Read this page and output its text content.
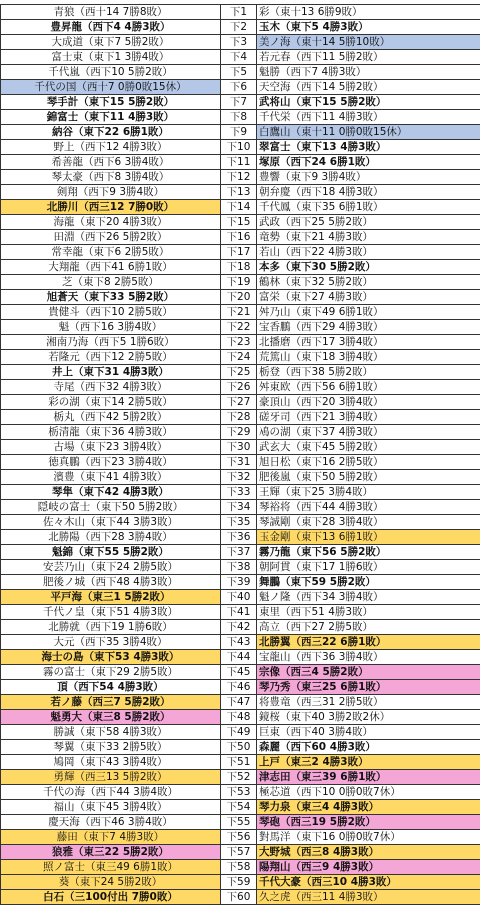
青狼（西十14 7勝8敗）	下1	彩（東十13 6勝9敗）
豊昇龍（西下4 4勝3敗）	下2	玉木（東下5 4勝3敗）
大成道（東下7 5勝2敗）	下3	美ノ海（東十14 5勝10敗）
富士東（東下1 3勝4敗）	下4	若元春（西下11 5勝2敗）
千代嵐（西下10 5勝2敗）	下5	魁勝（西下7 4勝3敗）
千代の国（西十7 0勝0敗15休）	下6	天空海（西下14 5勝2敗）
琴手計（東下15 5勝2敗）	下7	武将山（東下15 5勝2敗）
錦富士（東下11 4勝3敗）	下8	千代栄（西下11 4勝3敗）
納谷（東下22 6勝1敗）	下9	白鷹山（東十11 0勝0敗15休）
野上（西下12 4勝3敗）	下10	翠富士（東下13 4勝3敗）
希善龍（西下6 3勝4敗）	下11	塚原（西下24 6勝1敗）
琴太豪（西下8 3勝4敗）	下12	豊響（東下9 3勝4敗）
剣翔（西下9 3勝4敗）	下13	朝弁慶（西下18 4勝3敗）
北勝川（西三12 7勝0敗）	下14	千代鳳（東下35 6勝1敗）
海龍（東下20 4勝3敗）	下15	武政（西下25 5勝2敗）
田淵（西下26 5勝2敗）	下16	竜勢（東下21 4勝3敗）
常幸龍（東下6 2勝5敗）	下17	若山（西下22 4勝3敗）
大翔龍（西下41 6勝1敗）	下18	本多（東下30 5勝2敗）
芝（東下8 2勝5敗）	下19	鶴林（東下32 5勝2敗）
旭蒼天（東下33 5勝2敗）	下20	富栄（東下27 4勝3敗）
貴健斗（西下10 2勝5敗）	下21	舛乃山（東下49 6勝1敗）
魁（西下16 3勝4敗）	下22	宝香鵬（西下29 4勝3敗）
湘南乃海（西下5 1勝6敗）	下23	北播磨（西下17 3勝4敗）
若隆元（西下12 2勝5敗）	下24	荒篤山（東下18 3勝4敗）
井上（東下31 4勝3敗）	下25	栃登（西下38 5勝2敗）
寺尾（西下32 4勝3敗）	下26	舛東欧（西下56 6勝1敗）
彩の湖（東下14 2勝5敗）	下27	豪頂山（西下20 3勝4敗）
栃丸（西下42 5勝2敗）	下28	磋牙司（西下21 3勝4敗）
栃清龍（東下36 4勝3敗）	下29	鳰の湖（東下37 4勝3敗）
古場（東下23 3勝4敗）	下30	武玄大（東下45 5勝2敗）
徳真鵬（西下23 3勝4敗）	下31	旭日松（東下16 2勝5敗）
濱豊（東下41 4勝3敗）	下32	肥後嵐（東下50 5勝2敗）
琴隼（東下42 4勝3敗）	下33	王輝（東下25 3勝4敗）
隠岐の富士（東下50 5勝2敗）	下34	琴裕将（西下44 4勝3敗）
佐々木山（東下44 3勝3敗）	下35	琴誠剛（東下28 3勝4敗）
北勝陽（西下28 3勝4敗）	下36	玉金剛（東下13 6勝1敗）
魁錦（東下55 5勝2敗）	下37	霧乃龍（東下56 5勝2敗）
安芸乃山（東下24 2勝5敗）	下38	朝阿貫（東下17 1勝6敗）
肥後ノ城（西下48 4勝3敗）	下39	舞鵬（東下59 5勝2敗）
平戸海（東三1 5勝2敗）	下40	魁ノ隆（西下34 3勝4敗）
千代ノ皇（東下51 4勝3敗）	下41	東里（西下51 4勝3敗）
北勝就（西下19 1勝6敗）	下42	高立（西下27 2勝5敗）
大元（西下35 3勝4敗）	下43	北勝翼（西三22 6勝1敗）
海士の島（東下53 4勝3敗）	下44	宝龍山（西下36 3勝4敗）
霧の富士（東下29 2勝5敗）	下45	宗像（西三4 5勝2敗）
頂（西下54 4勝3敗）	下46	琴乃秀（東三25 6勝1敗）
若ノ藤（西三7 5勝2敗）	下47	将豊竜（西三31 2勝5敗）
魁勇大（東三8 5勝2敗）	下48	鏡桜（東下40 3勝2敗2休）
勝誠（東下58 4勝3敗）	下49	巨東（西下40 3勝4敗）
琴翼（東下33 2勝5敗）	下50	森麗（西下60 4勝3敗）
鳩岡（東下43 3勝4敗）	下51	上戸（東三2 4勝3敗）
勇輝（西三13 5勝2敗）	下52	津志田（東三39 6勝1敗）
千代の海（西下44 3勝4敗）	下53	極芯道（西下10 0勝0敗7休）
福山（東下45 3勝4敗）	下54	琴力泉（東三4 4勝3敗）
慶天海（西下46 3勝4敗）	下55	琴砲（西三19 5勝2敗）
藤田（東下7 4勝3敗）	下56	對馬洋（東下16 0勝0敗7休）
狼雅（東三22 5勝2敗）	下57	大野城（西三8 4勝3敗）
照ノ富士（東三49 6勝1敗）	下58	陽翔山（西三9 4勝3敗）
葵（東下24 5勝2敗）	下59	千代大豪（西三10 4勝3敗）
白石（三100付出 7勝0敗）	下60	久之虎（西三11 4勝3敗）
